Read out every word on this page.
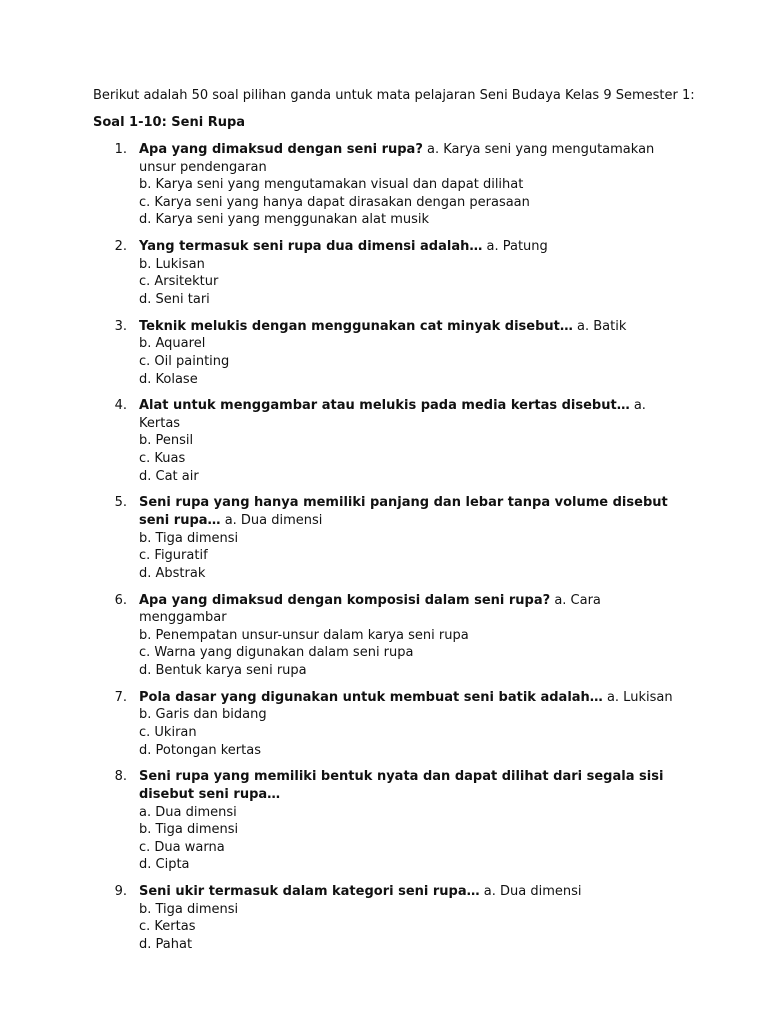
Berikut adalah 50 soal pilihan ganda untuk mata pelajaran Seni Budaya Kelas 9 Semester 1:
Soal 1-10: Seni Rupa
1. Apa yang dimaksud dengan seni rupa? a. Karya seni yang mengutamakan unsur pendengaran
b. Karya seni yang mengutamakan visual dan dapat dilihat
c. Karya seni yang hanya dapat dirasakan dengan perasaan
d. Karya seni yang menggunakan alat musik
2. Yang termasuk seni rupa dua dimensi adalah… a. Patung
b. Lukisan
c. Arsitektur
d. Seni tari
3. Teknik melukis dengan menggunakan cat minyak disebut… a. Batik
b. Aquarel
c. Oil painting
d. Kolase
4. Alat untuk menggambar atau melukis pada media kertas disebut… a. Kertas
b. Pensil
c. Kuas
d. Cat air
5. Seni rupa yang hanya memiliki panjang dan lebar tanpa volume disebut seni rupa… a. Dua dimensi
b. Tiga dimensi
c. Figuratif
d. Abstrak
6. Apa yang dimaksud dengan komposisi dalam seni rupa? a. Cara menggambar
b. Penempatan unsur-unsur dalam karya seni rupa
c. Warna yang digunakan dalam seni rupa
d. Bentuk karya seni rupa
7. Pola dasar yang digunakan untuk membuat seni batik adalah… a. Lukisan
b. Garis dan bidang
c. Ukiran
d. Potongan kertas
8. Seni rupa yang memiliki bentuk nyata dan dapat dilihat dari segala sisi disebut seni rupa…
a. Dua dimensi
b. Tiga dimensi
c. Dua warna
d. Cipta
9. Seni ukir termasuk dalam kategori seni rupa… a. Dua dimensi
b. Tiga dimensi
c. Kertas
d. Pahat
